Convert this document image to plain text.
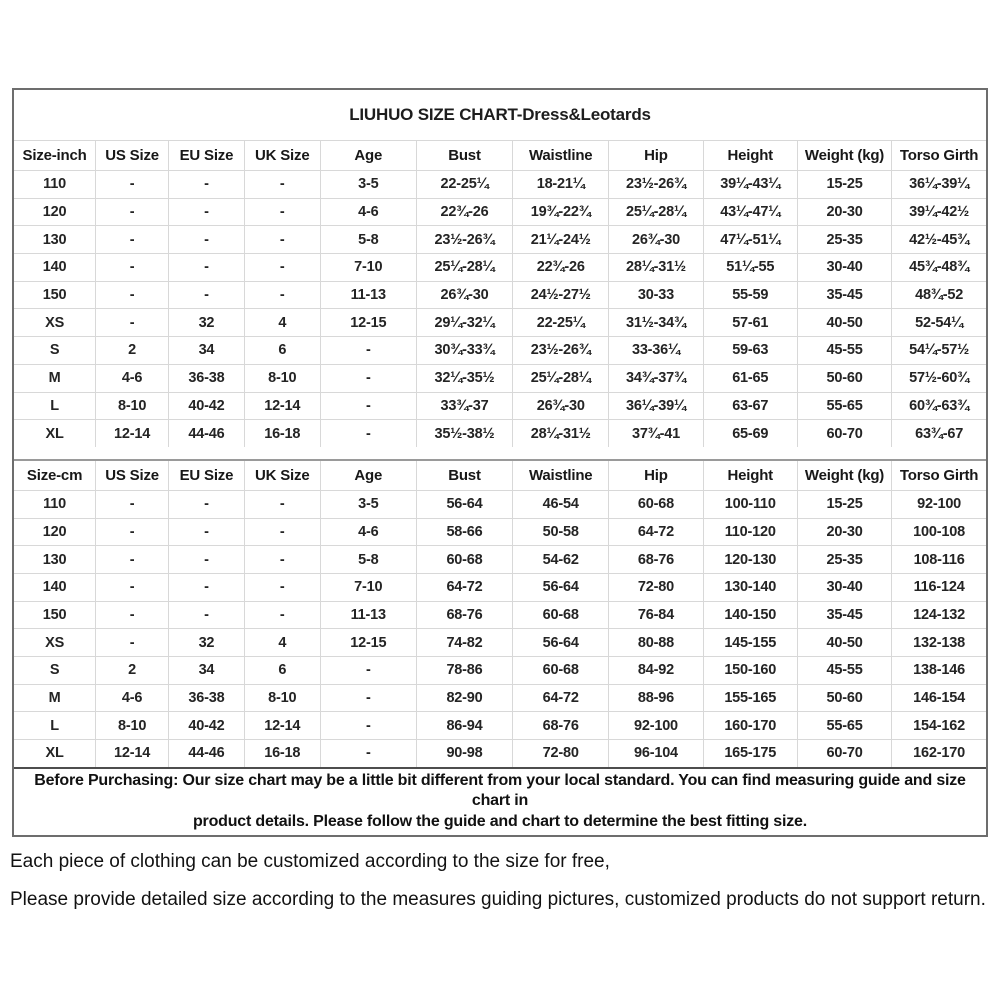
LIUHUO SIZE CHART-Dress&Leotards
Size-inch	US Size	EU Size	UK Size	Age	Bust	Waistline	Hip	Height	Weight (kg)	Torso Girth
110	-	-	-	3-5	22-25¼	18-21¼	23½-26¾	39¼-43¼	15-25	36¼-39¼
120	-	-	-	4-6	22¾-26	19¾-22¾	25¼-28¼	43¼-47¼	20-30	39¼-42½
130	-	-	-	5-8	23½-26¾	21¼-24½	26¾-30	47¼-51¼	25-35	42½-45¾
140	-	-	-	7-10	25¼-28¼	22¾-26	28¼-31½	51¼-55	30-40	45¾-48¾
150	-	-	-	11-13	26¾-30	24½-27½	30-33	55-59	35-45	48¾-52
XS	-	32	4	12-15	29¼-32¼	22-25¼	31½-34¾	57-61	40-50	52-54¼
S	2	34	6	-	30¾-33¾	23½-26¾	33-36¼	59-63	45-55	54¼-57½
M	4-6	36-38	8-10	-	32¼-35½	25¼-28¼	34¾-37¾	61-65	50-60	57½-60¾
L	8-10	40-42	12-14	-	33¾-37	26¾-30	36¼-39¼	63-67	55-65	60¾-63¾
XL	12-14	44-46	16-18	-	35½-38½	28¼-31½	37¾-41	65-69	60-70	63¾-67
Size-cm	US Size	EU Size	UK Size	Age	Bust	Waistline	Hip	Height	Weight (kg)	Torso Girth
110	-	-	-	3-5	56-64	46-54	60-68	100-110	15-25	92-100
120	-	-	-	4-6	58-66	50-58	64-72	110-120	20-30	100-108
130	-	-	-	5-8	60-68	54-62	68-76	120-130	25-35	108-116
140	-	-	-	7-10	64-72	56-64	72-80	130-140	30-40	116-124
150	-	-	-	11-13	68-76	60-68	76-84	140-150	35-45	124-132
XS	-	32	4	12-15	74-82	56-64	80-88	145-155	40-50	132-138
S	2	34	6	-	78-86	60-68	84-92	150-160	45-55	138-146
M	4-6	36-38	8-10	-	82-90	64-72	88-96	155-165	50-60	146-154
L	8-10	40-42	12-14	-	86-94	68-76	92-100	160-170	55-65	154-162
XL	12-14	44-46	16-18	-	90-98	72-80	96-104	165-175	60-70	162-170
Before Purchasing: Our size chart may be a little bit different from your local standard. You can find measuring guide and size chart in
product details. Please follow the guide and chart to determine the best fitting size.
Each piece of clothing can be customized according to the size for free,
Please provide detailed size according to the measures guiding pictures, customized products do not support return.
